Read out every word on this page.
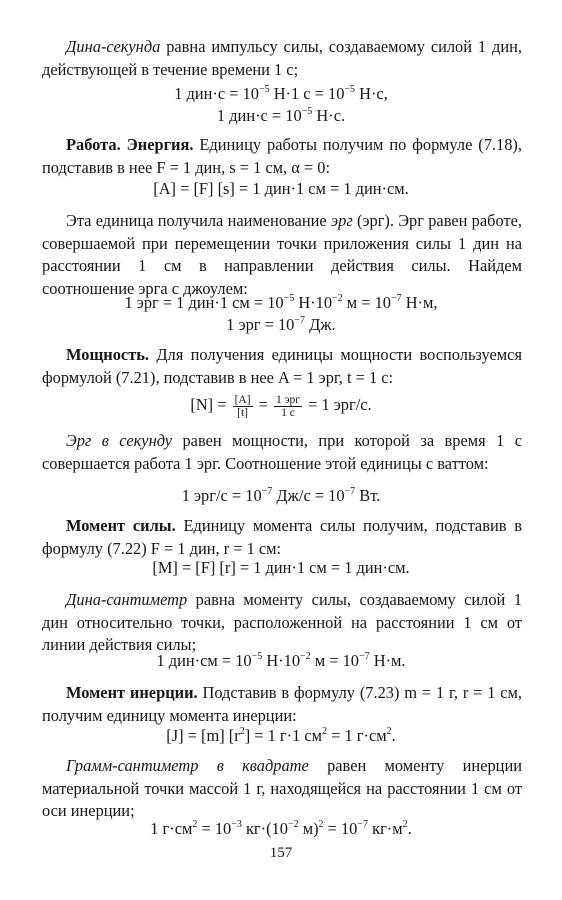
Дина-секунда равна импульсу силы, создаваемому силой 1 дин, действующей в течение времени 1 с;
1 $дин\cdot с = 10^{-5}$ Н·1 $с = 10^{-5}$ Н·с,
1 $дин\cdot с = 10^{-5}$ Н·с.
Работа. Энергия. Единицу работы получим по формуле (7.18), подставив в нее F = 1 дин, s = 1 см, α = 0:
[A] = [F] [s] = 1 дин·1 см = 1 дин·см.
Эта единица получила наименование эрг (эрг). Эрг равен работе, совершаемой при перемещении точки приложения силы 1 дин на расстоянии 1 см в направлении действия силы. Найдем соотношение эрга с джоулем:
1 эрг = 1 дин·1 см = $10^{-5}$ $Н\cdot 10^{-2}$ $м = 10^{-7}$ Н·м,
1 эрг = $10^{-7}$ Дж.
Мощность. Для получения единицы мощности воспользуемся формулой (7.21), подставив в нее A = 1 эрг, t = 1 с:
$[N] = \frac{[A]}{[t]} = \frac{\text{1 эрг}}{1 с} = 1$ эрг/с.
Эрг в секунду равен мощности, при которой за время 1 с совершается работа 1 эрг. Соотношение этой единицы с ваттом:
1 $эрг/с = 10^{-7}$ $Дж/с = 10^{-7}$ Вт.
Момент силы. Единицу момента силы получим, подставив в формулу (7.22) F = 1 дин, r = 1 см:
[M] = [F] [r] = 1 дин·1 см = 1 дин·см.
Дина-сантиметр равна моменту силы, создаваемому силой 1 дин относительно точки, расположенной на расстоянии 1 см от линии действия силы;
1 $дин\cdot см = 10^{-5}$ $Н\cdot 10^{-2}$ $м = 10^{-7}$ Н·м.
Момент инерции. Подставив в формулу (7.23) m = 1 г, r = 1 см, получим единицу момента инерции:
[J] = [m] $[r^2] = 1$ г·1 $см^2 = 1$ $г\cdot см^2$.
Грамм-сантиметр в квадрате равен моменту инерции материальной точки массой 1 г, находящейся на расстоянии 1 см от оси инерции;
1 $г\cdot см^2 = 10^{-3}$ $кг\cdot(10^{-2}$ $м)^2 = 10^{-7}$ $кг\cdot м^2$.
157
